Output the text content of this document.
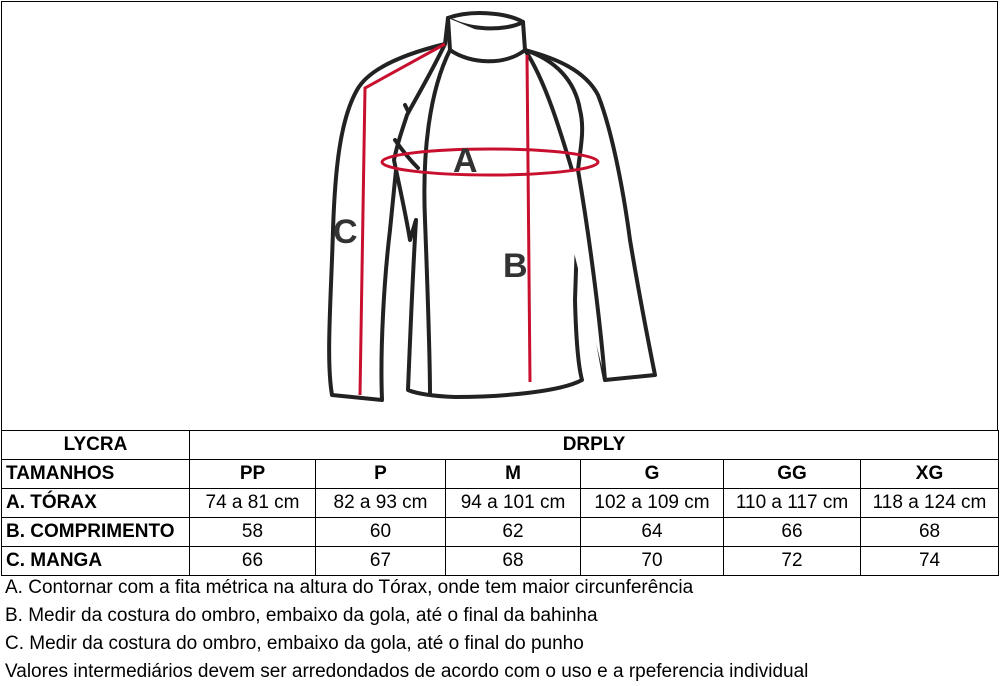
A
B
C
LYCRA	DRPLY					
TAMANHOS	PP	P	M	G	GG	XG
A. TÓRAX	74 a 81 cm	82 a 93 cm	94 a 101 cm	102 a 109 cm	110 a 117 cm	118 a 124 cm
B. COMPRIMENTO	58	60	62	64	66	68
C. MANGA	66	67	68	70	72	74
A. Contornar com a fita métrica na altura do Tórax, onde tem maior circunferência
B. Medir da costura do ombro, embaixo da gola, até o final da bahinha
C. Medir da costura do ombro, embaixo da gola, até o final do punho
Valores intermediários devem ser arredondados de acordo com o uso e a rpeferencia individual
